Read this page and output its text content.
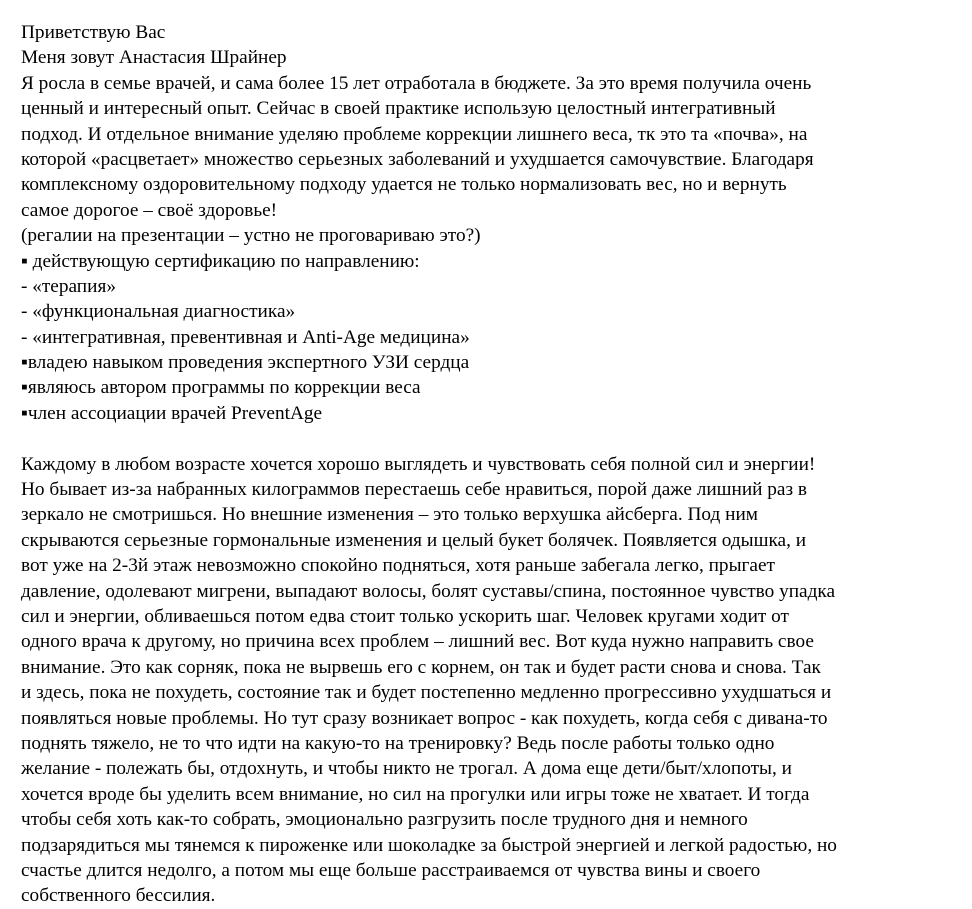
Приветствую Вас
Меня зовут Анастасия Шрайнер
Я росла в семье врачей, и сама более 15 лет отработала в бюджете. За это время получила очень
ценный и интересный опыт. Сейчас в своей практике использую целостный интегративный
подход. И отдельное внимание уделяю проблеме коррекции лишнего веса, тк это та «почва», на
которой «расцветает» множество серьезных заболеваний и ухудшается самочувствие. Благодаря
комплексному оздоровительному подходу удается не только нормализовать вес, но и вернуть
самое дорогое – своё здоровье!
(регалии на презентации – устно не проговариваю это?)
▪ действующую сертификацию по направлению:
- «терапия»
- «функциональная диагностика»
- «интегративная, превентивная и Anti-Age медицина»
▪владею навыком проведения экспертного УЗИ сердца
▪являюсь автором программы по коррекции веса
▪член ассоциации врачей PreventAge
Каждому в любом возрасте хочется хорошо выглядеть и чувствовать себя полной сил и энергии!
Но бывает из-за набранных килограммов перестаешь себе нравиться, порой даже лишний раз в
зеркало не смотришься. Но внешние изменения – это только верхушка айсберга. Под ним
скрываются серьезные гормональные изменения и целый букет болячек. Появляется одышка, и
вот уже на 2-3й этаж невозможно спокойно подняться, хотя раньше забегала легко, прыгает
давление, одолевают мигрени, выпадают волосы, болят суставы/спина, постоянное чувство упадка
сил и энергии, обливаешься потом едва стоит только ускорить шаг. Человек кругами ходит от
одного врача к другому, но причина всех проблем – лишний вес. Вот куда нужно направить свое
внимание. Это как сорняк, пока не вырвешь его с корнем, он так и будет расти снова и снова. Так
и здесь, пока не похудеть, состояние так и будет постепенно медленно прогрессивно ухудшаться и
появляться новые проблемы. Но тут сразу возникает вопрос - как похудеть, когда себя с дивана-то
поднять тяжело, не то что идти на какую-то на тренировку? Ведь после работы только одно
желание - полежать бы, отдохнуть, и чтобы никто не трогал. А дома еще дети/быт/хлопоты, и
хочется вроде бы уделить всем внимание, но сил на прогулки или игры тоже не хватает. И тогда
чтобы себя хоть как-то собрать, эмоционально разгрузить после трудного дня и немного
подзарядиться мы тянемся к пироженке или шоколадке за быстрой энергией и легкой радостью, но
счастье длится недолго, а потом мы еще больше расстраиваемся от чувства вины и своего
собственного бессилия.
